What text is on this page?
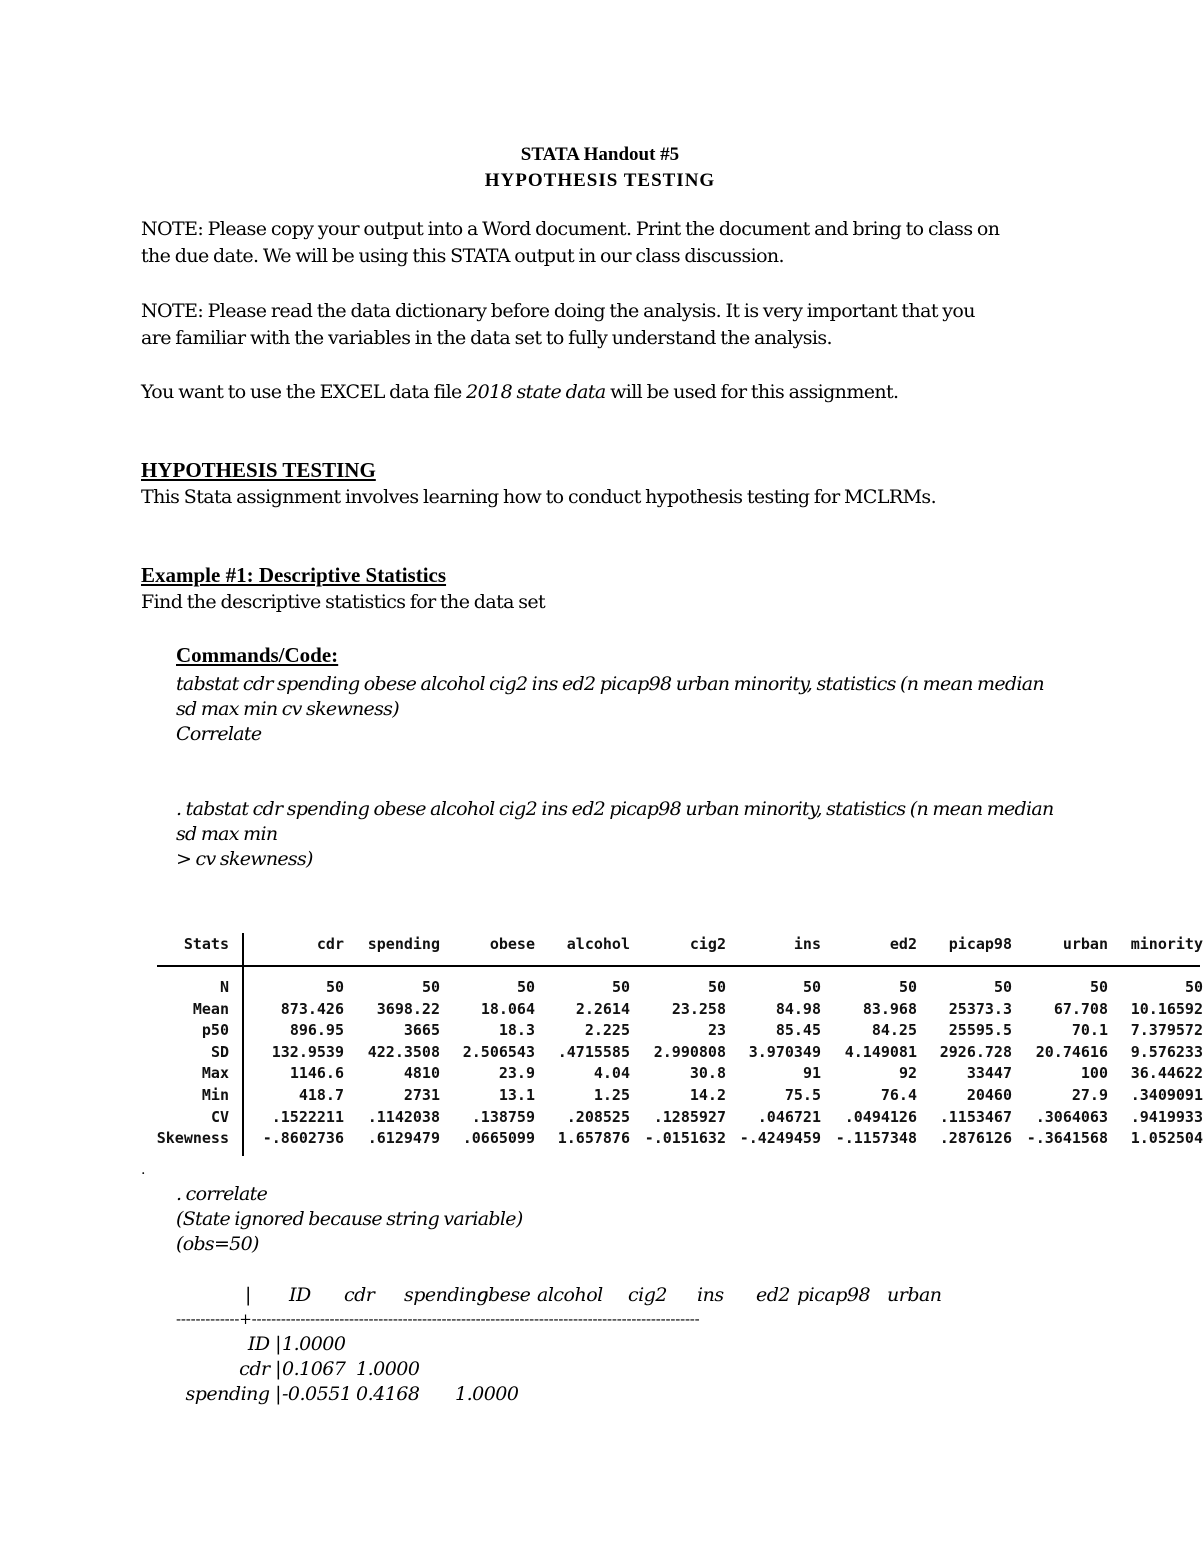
STATA Handout #5
HYPOTHESIS TESTING
NOTE: Please copy your output into a Word document. Print the document and bring to class on
the due date. We will be using this STATA output in our class discussion.
NOTE: Please read the data dictionary before doing the analysis. It is very important that you
are familiar with the variables in the data set to fully understand the analysis.
You want to use the EXCEL data file 2018 state data will be used for this assignment.
HYPOTHESIS TESTING
This Stata assignment involves learning how to conduct hypothesis testing for MCLRMs.
Example #1: Descriptive Statistics
Find the descriptive statistics for the data set
Commands/Code:
tabstat cdr spending obese alcohol cig2 ins ed2 picap98 urban minority, statistics (n mean median
sd max min cv skewness)
Correlate
. tabstat cdr spending obese alcohol cig2 ins ed2 picap98 urban minority, statistics (n mean median
sd max min
> cv skewness)
Stats	cdr spending	obese alcohol	cig2	ins	ed2 picap98	urban minority
N	50	50	50	50	50	50	50	50	50	50
Mean	873.426 3698.22	18.064	2.2614	23.258	84.98	83.968 25373.3	67.708 10.16592
p50	896.95	3665	18.3	2.225	23	85.45	84.25 25595.5	70.1 7.379572
SD	132.9539 422.3508 2.506543 .4715585 2.990808 3.970349 4.149081 2926.728 20.74616 9.576233
Max	1146.6	4810	23.9	4.04	30.8	91	92	33447	100 36.44622
Min	418.7	2731	13.1	1.25	14.2	75.5	76.4	20460	27.9 .3409091
CV	.1522211 .1142038 .138759 .208525 .1285927 .046721 .0494126 .1153467 .3064063 .9419933
Skewness -.8602736 .6129479 .0665099 1.657876 -.0151632 -.4249459 -.1157348 .2876126 -.3641568 1.052504
.
. correlate
(State ignored because string variable)
(obs=50)
| ID cdr spending
obese alcohol cig2 ins ed2 picap98 urban
-------------+--------------------------------------------------------------------------------------------
ID | 1.0000
cdr | 0.1067 1.0000
spending | -0.0551 0.4168 1.0000
